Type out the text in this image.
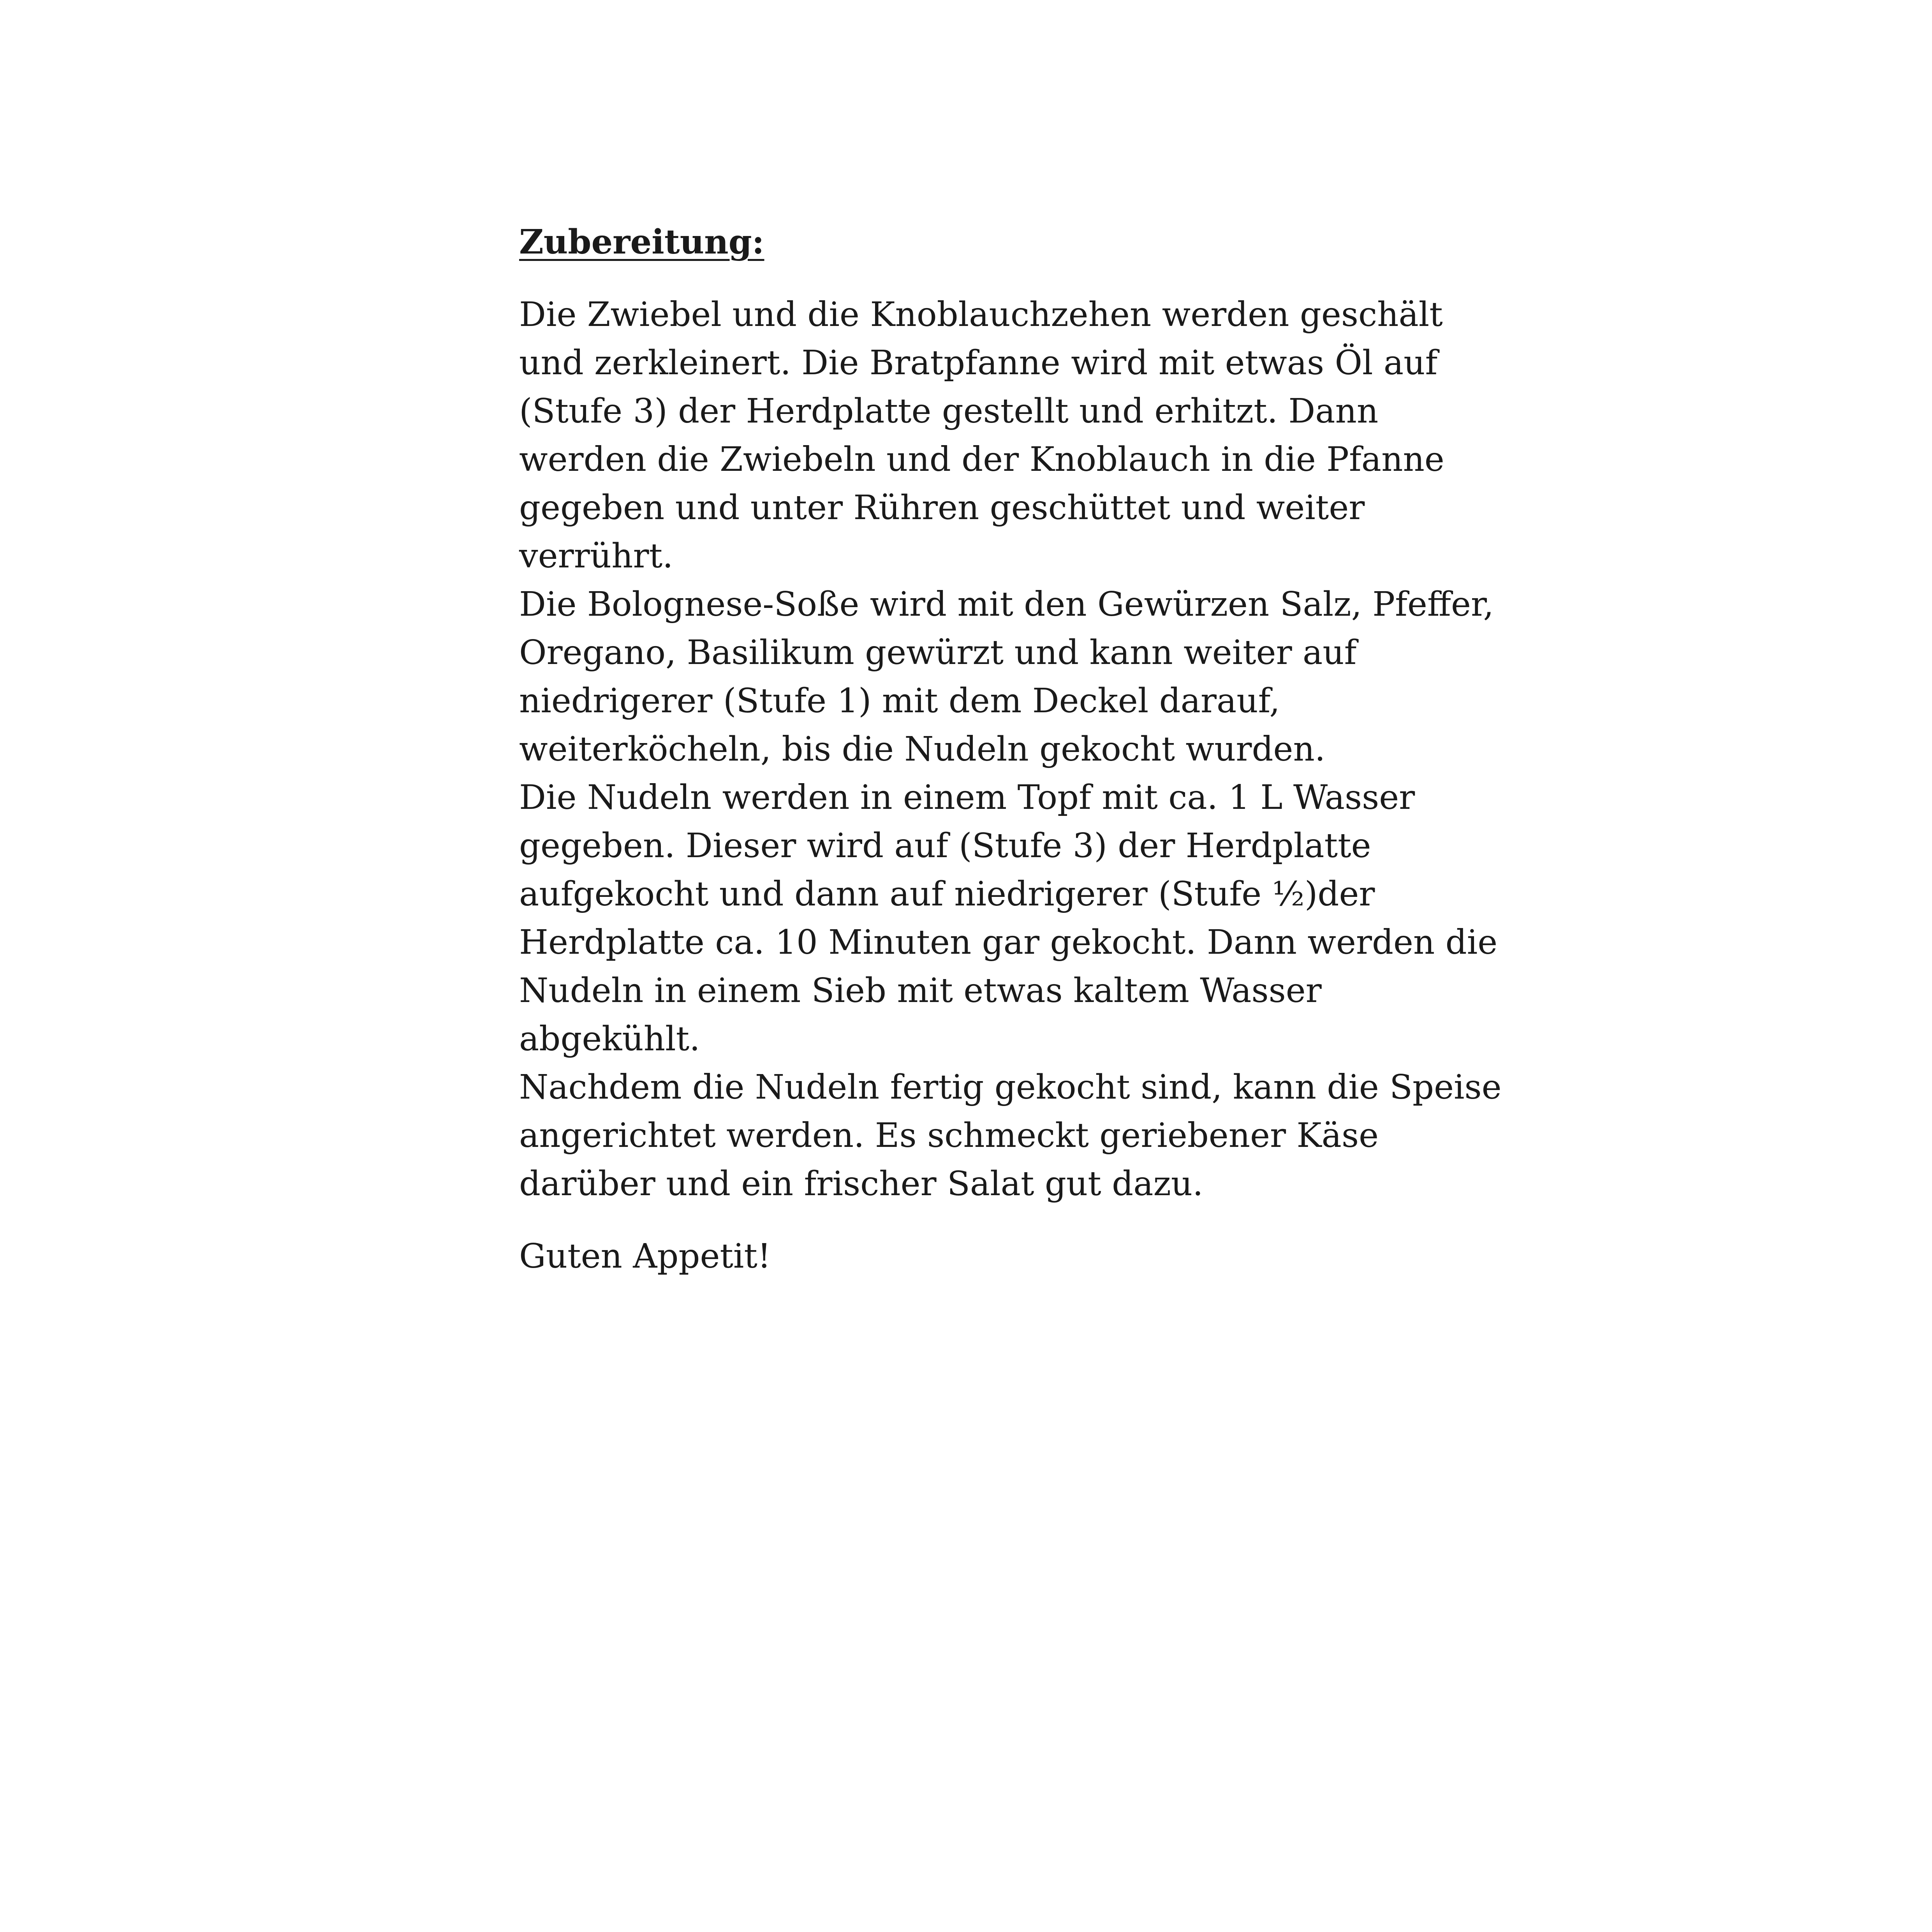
Zubereitung:
Die Zwiebel und die Knoblauchzehen werden geschält
und zerkleinert. Die Bratpfanne wird mit etwas Öl auf
(Stufe 3) der Herdplatte gestellt und erhitzt. Dann
werden die Zwiebeln und der Knoblauch in die Pfanne
gegeben und unter Rühren geschüttet und weiter
verrührt.
Die Bolognese-Soße wird mit den Gewürzen Salz, Pfeffer,
Oregano, Basilikum gewürzt und kann weiter auf
niedrigerer (Stufe 1) mit dem Deckel darauf,
weiterköcheln, bis die Nudeln gekocht wurden.
Die Nudeln werden in einem Topf mit ca. 1 L Wasser
gegeben. Dieser wird auf (Stufe 3) der Herdplatte
aufgekocht und dann auf niedrigerer (Stufe ½)der
Herdplatte ca. 10 Minuten gar gekocht. Dann werden die
Nudeln in einem Sieb mit etwas kaltem Wasser
abgekühlt.
Nachdem die Nudeln fertig gekocht sind, kann die Speise
angerichtet werden. Es schmeckt geriebener Käse
darüber und ein frischer Salat gut dazu.
Guten Appetit!
